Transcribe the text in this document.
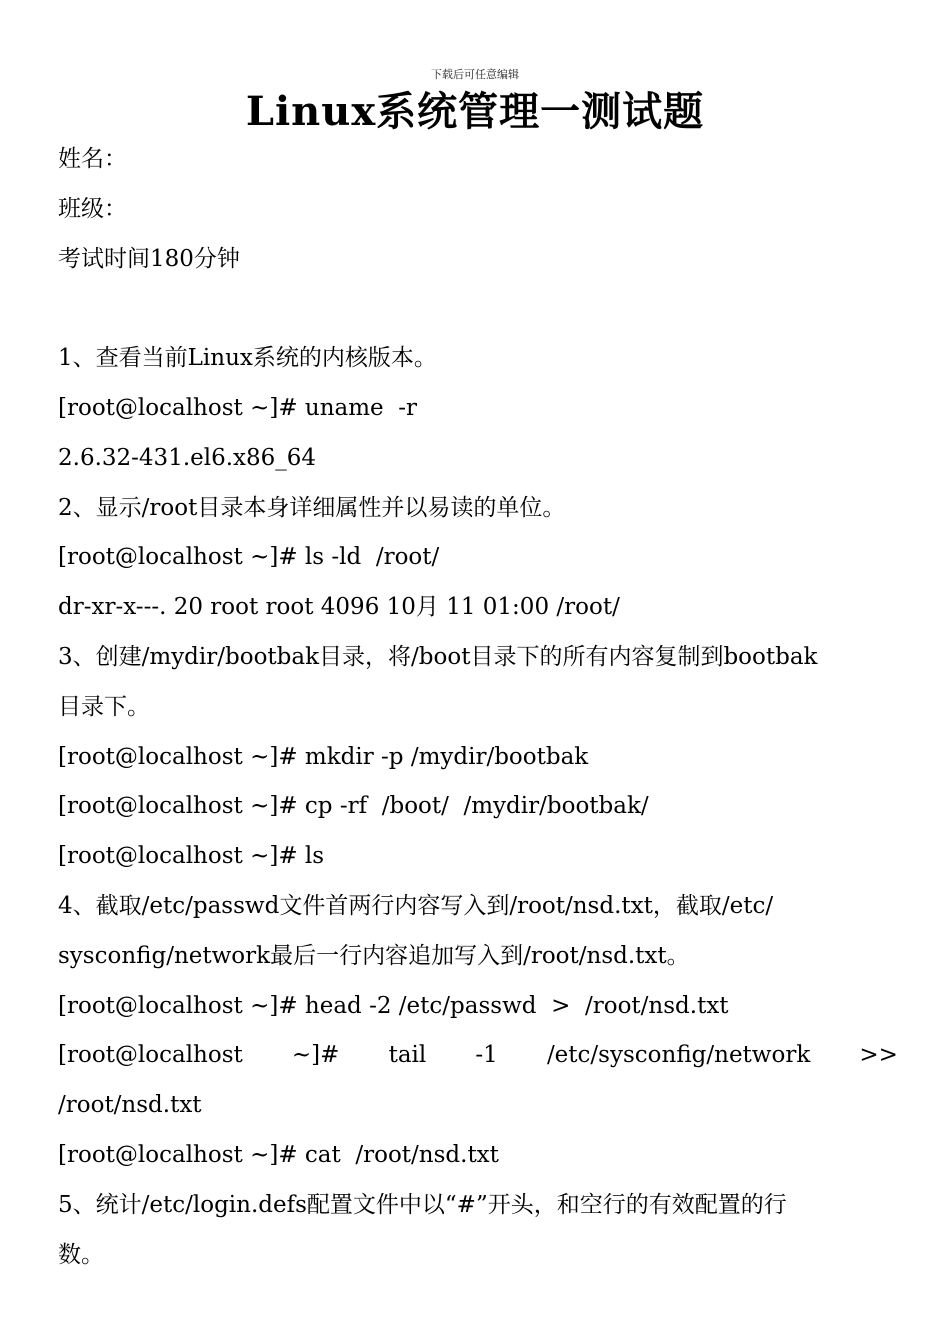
下载后可任意编辑
Linux系统管理一测试题
姓名：
班级：
考试时间180分钟
1、查看当前Linux系统的内核版本。
[root@localhost ~]# uname  -r
2.6.32-431.el6.x86_64
2、显示/root目录本身详细属性并以易读的单位。
[root@localhost ~]# ls -ld  /root/
dr-xr-x---. 20 root root 4096 10月 11 01:00 /root/
3、创建/mydir/bootbak目录，将/boot目录下的所有内容复制到bootbak
目录下。
[root@localhost ~]# mkdir -p /mydir/bootbak
[root@localhost ~]# cp -rf  /boot/  /mydir/bootbak/
[root@localhost ~]# ls
4、截取/etc/passwd文件首两行内容写入到/root/nsd.txt，截取/etc/
sysconfig/network最后一行内容追加写入到/root/nsd.txt。
[root@localhost ~]# head -2 /etc/passwd  >  /root/nsd.txt
[root@localhost ~]# tail -1 /etc/sysconfig/network >>
/root/nsd.txt
[root@localhost ~]# cat  /root/nsd.txt
5、统计/etc/login.defs配置文件中以“#”开头，和空行的有效配置的行
数。
